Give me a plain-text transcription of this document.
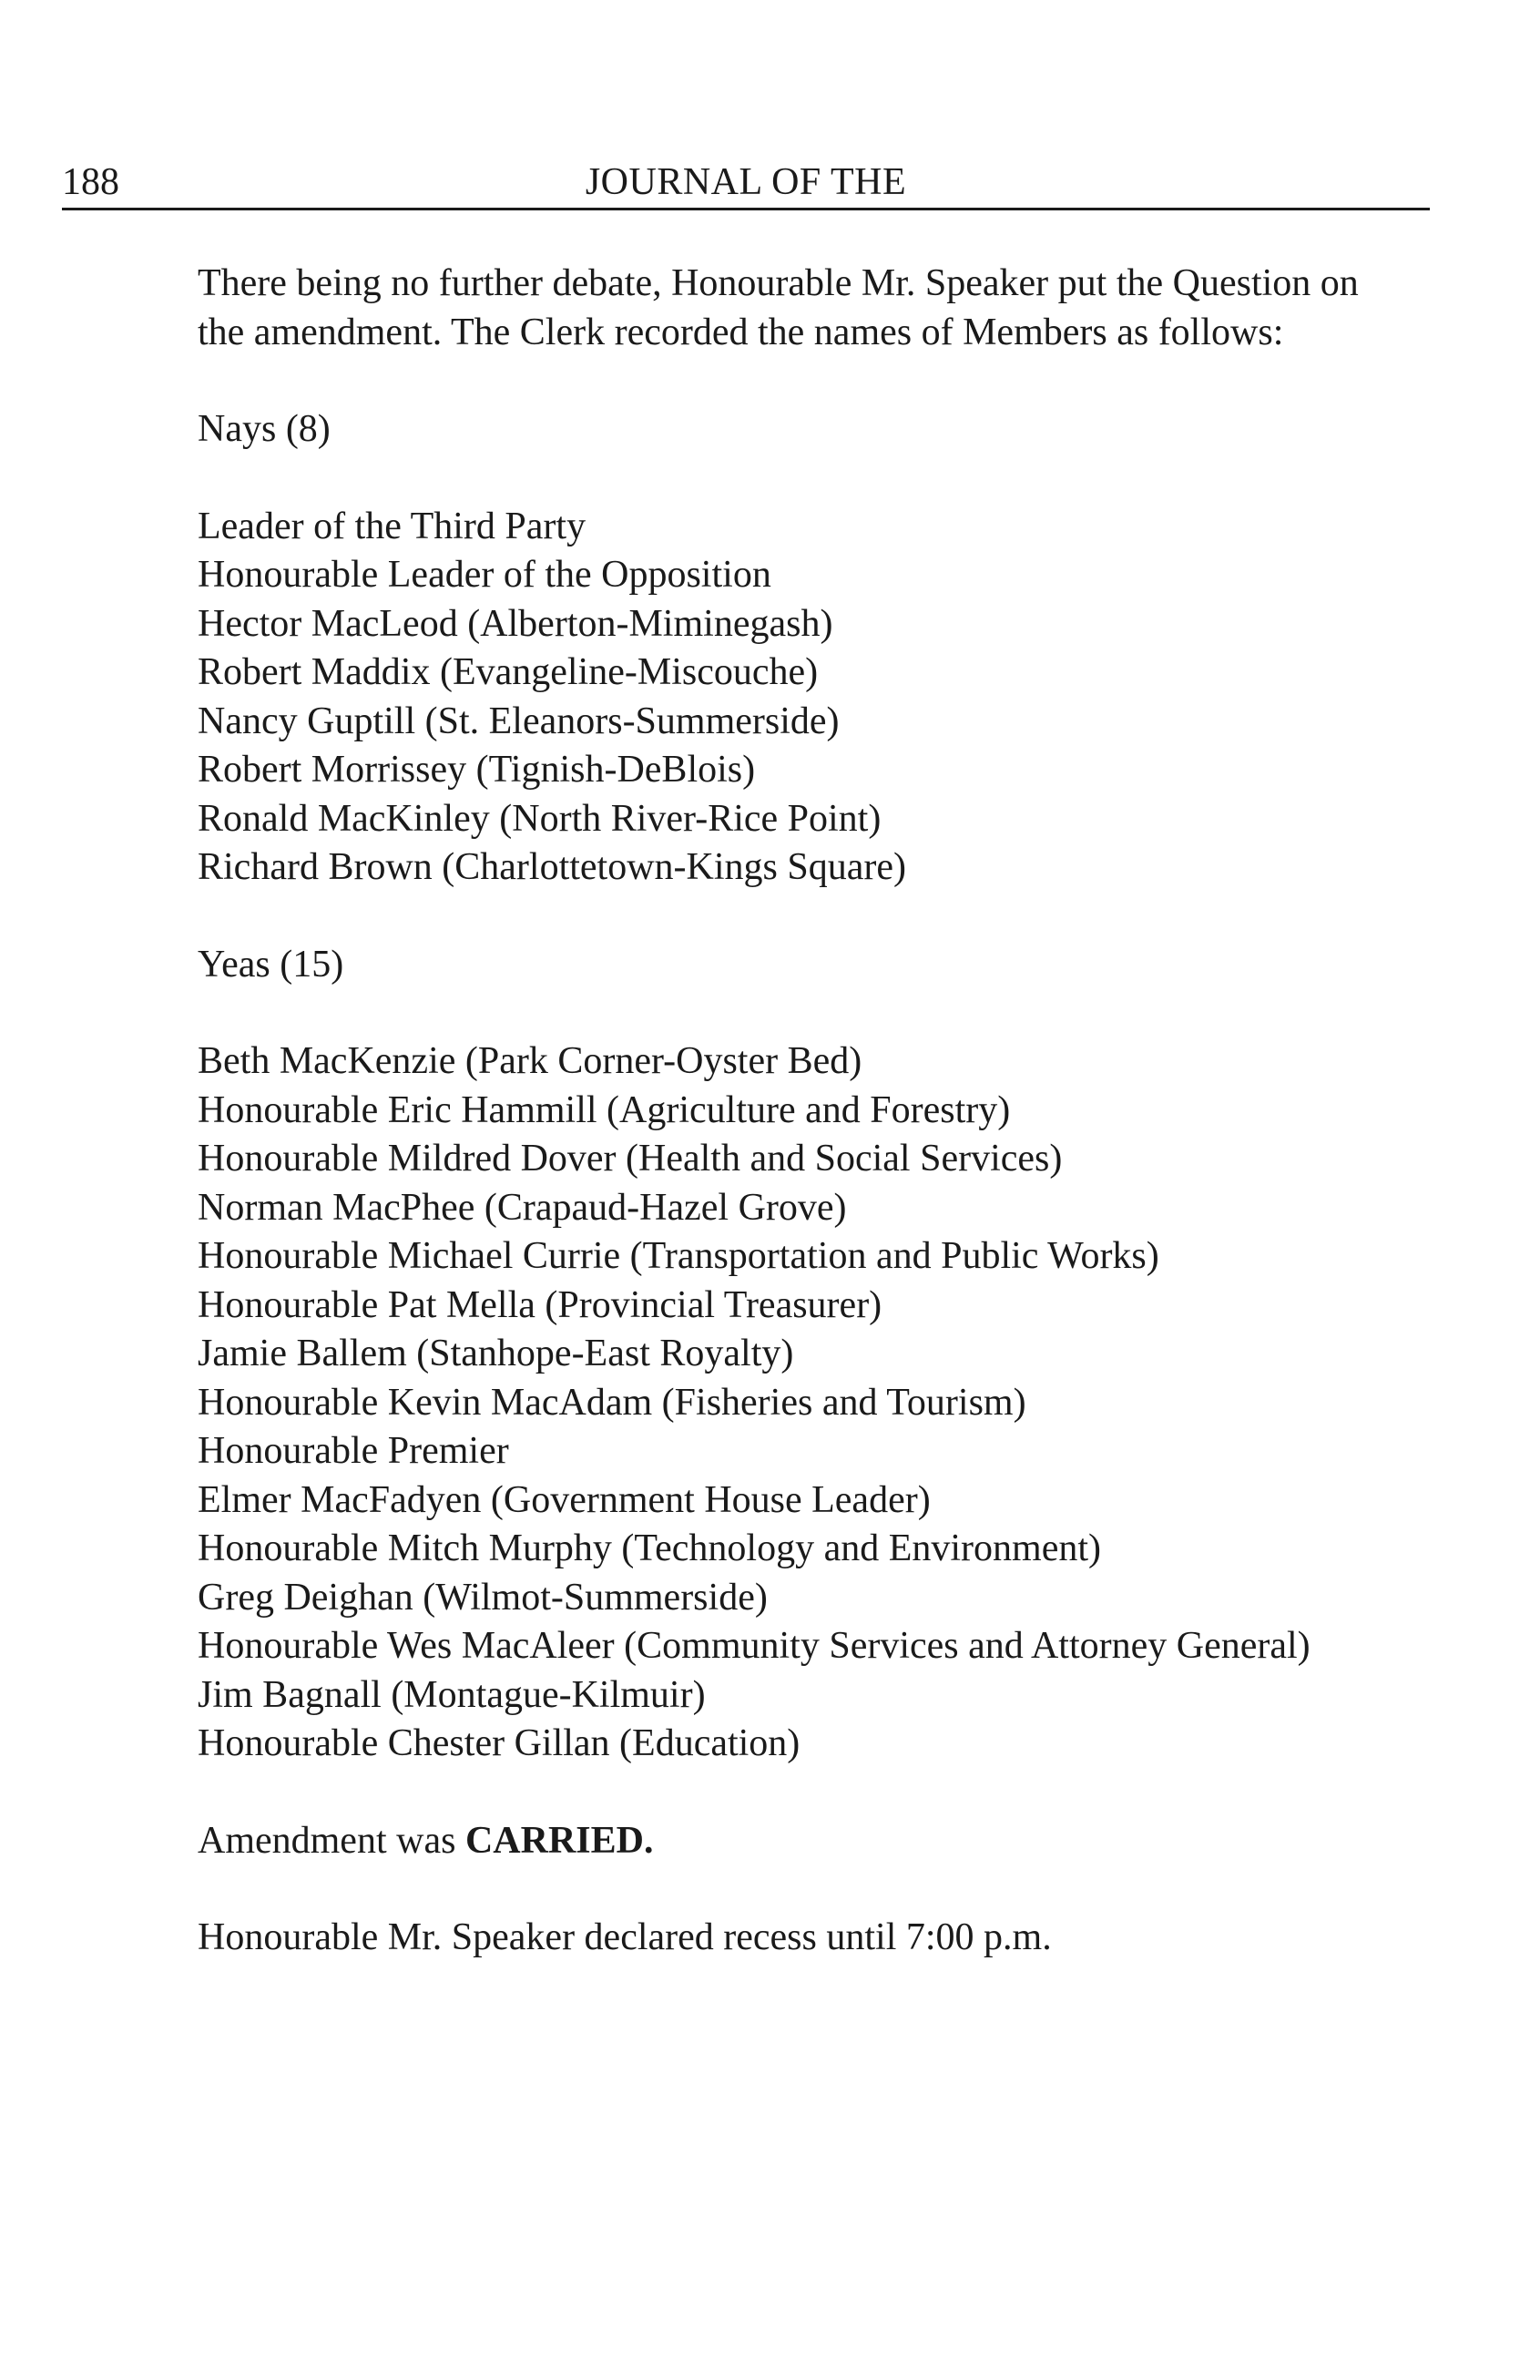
188	JOURNAL OF THE

There being no further debate, Honourable Mr. Speaker put the Question on
the amendment. The Clerk recorded the names of Members as follows:

Nays (8)

Leader of the Third Party
Honourable Leader of the Opposition
Hector MacLeod (Alberton-Miminegash)
Robert Maddix (Evangeline-Miscouche)
Nancy Guptill (St. Eleanors-Summerside)
Robert Morrissey (Tignish-DeBlois)
Ronald MacKinley (North River-Rice Point)
Richard Brown (Charlottetown-Kings Square)

Yeas (15)

Beth MacKenzie (Park Corner-Oyster Bed)
Honourable Eric Hammill (Agriculture and Forestry)
Honourable Mildred Dover (Health and Social Services)
Norman MacPhee (Crapaud-Hazel Grove)
Honourable Michael Currie (Transportation and Public Works)
Honourable Pat Mella (Provincial Treasurer)
Jamie Ballem (Stanhope-East Royalty)
Honourable Kevin MacAdam (Fisheries and Tourism)
Honourable Premier
Elmer MacFadyen (Government House Leader)
Honourable Mitch Murphy (Technology and Environment)
Greg Deighan (Wilmot-Summerside)
Honourable Wes MacAleer (Community Services and Attorney General)
Jim Bagnall (Montague-Kilmuir)
Honourable Chester Gillan (Education)

Amendment was CARRIED.

Honourable Mr. Speaker declared recess until 7:00 p.m.
